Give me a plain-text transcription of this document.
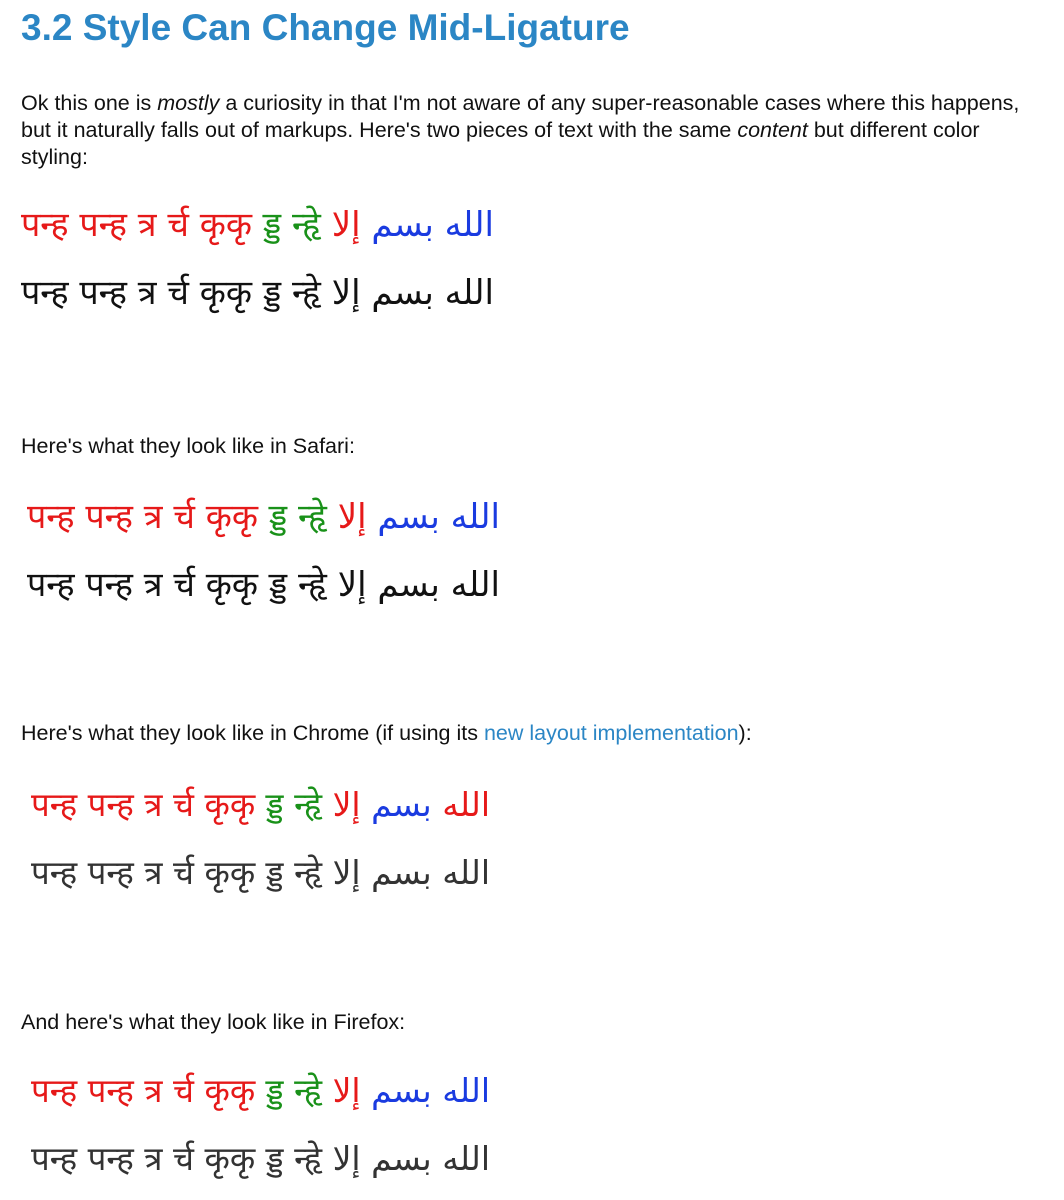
3.2 Style Can Change Mid-Ligature

Ok this one is mostly a curiosity in that I'm not aware of any super-reasonable cases where this happens, but it naturally falls out of markups. Here's two pieces of text with the same content but different color styling:

पन्ह पन्ह त्र र्च कृकृ ड्ड न्हृे	الله بسم إلا
पन्ह पन्ह त्र र्च कृकृ ड्ड न्हृे	الله بسم إلا

Here's what they look like in Safari:

पन्ह पन्ह त्र र्च कृकृ ड्ड न्हृे	الله بسم إلا
पन्ह पन्ह त्र र्च कृकृ ड्ड न्हृे	الله بسم إلا

Here's what they look like in Chrome (if using its new layout implementation):

पन्ह पन्ह त्र र्च कृकृ ड्ड न्हृे	الله بسم إلا
पन्ह पन्ह त्र र्च कृकृ ड्ड न्हृे	الله بسم إلا

And here's what they look like in Firefox:

पन्ह पन्ह त्र र्च कृकृ ड्ड न्हृे	الله بسم إلا
पन्ह पन्ह त्र र्च कृकृ ड्ड न्हृे	الله بسم إلا
